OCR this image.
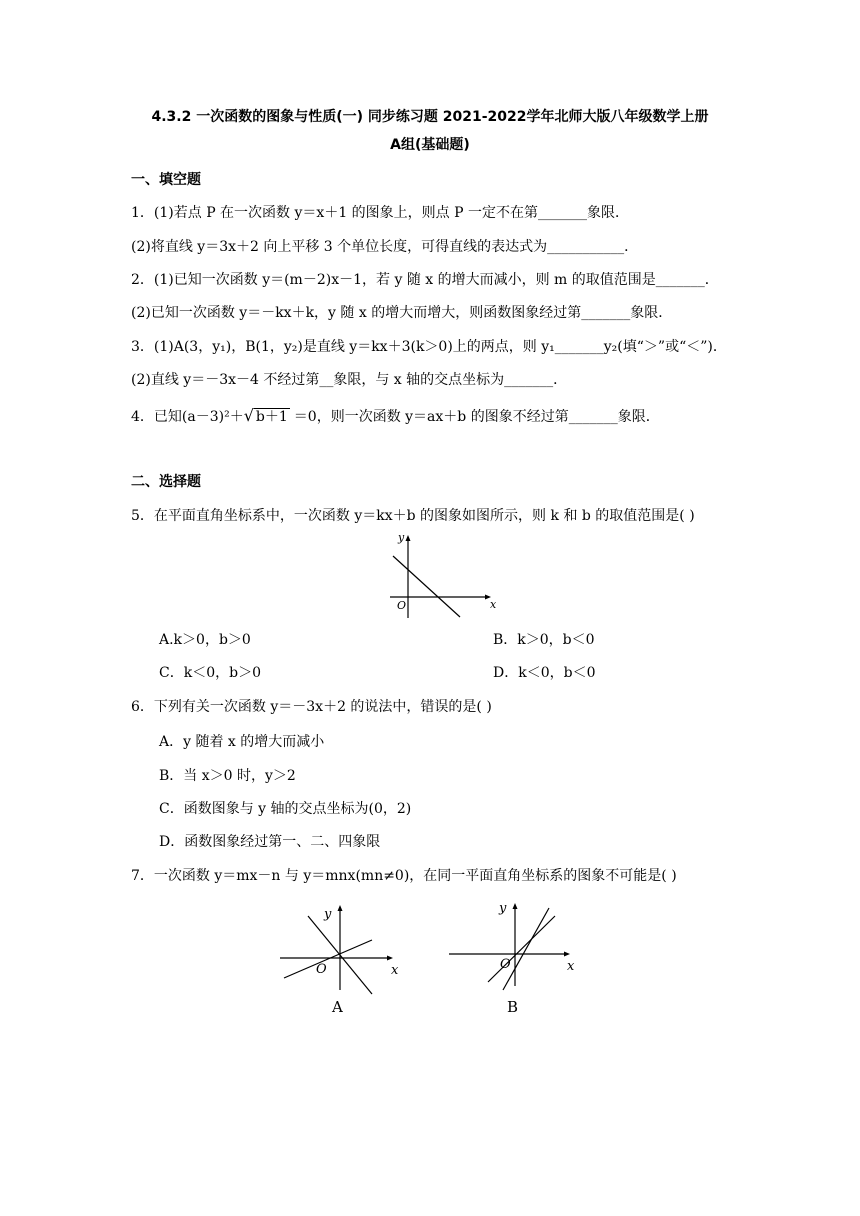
4.3.2 一次函数的图象与性质(一) 同步练习题 2021-2022学年北师大版八年级数学上册
A组(基础题)
一、填空题
1．(1)若点 P 在一次函数 y＝x＋1 的图象上，则点 P 一定不在第_______象限．
(2)将直线 y＝3x＋2 向上平移 3 个单位长度，可得直线的表达式为___________．
2．(1)已知一次函数 y＝(m－2)x－1，若 y 随 x 的增大而减小，则 m 的取值范围是_______．
(2)已知一次函数 y＝－kx＋k，y 随 x 的增大而增大，则函数图象经过第_______象限．
3．(1)A(3，y₁)，B(1，y₂)是直线 y＝kx＋3(k＞0)上的两点，则 y₁_______y₂(填“＞”或“＜”)．
(2)直线 y＝－3x－4 不经过第__象限，与 x 轴的交点坐标为_______．
4．已知(a－3)²＋√ b＋1 ＝0，则一次函数 y＝ax＋b 的图象不经过第_______象限．
二、选择题
5．在平面直角坐标系中，一次函数 y＝kx＋b 的图象如图所示，则 k 和 b 的取值范围是( )
y
x
O
A.k＞0，b＞0	B．k＞0，b＜0
C．k＜0，b＞0	D．k＜0，b＜0
6．下列有关一次函数 y＝－3x＋2 的说法中，错误的是( )
A．y 随着 x 的增大而减小
B．当 x＞0 时，y＞2
C．函数图象与 y 轴的交点坐标为(0，2)
D．函数图象经过第一、二、四象限
7．一次函数 y＝mx－n 与 y＝mnx(mn≠0)，在同一平面直角坐标系的图象不可能是( )
y
x
O
A
y
x
O
B
